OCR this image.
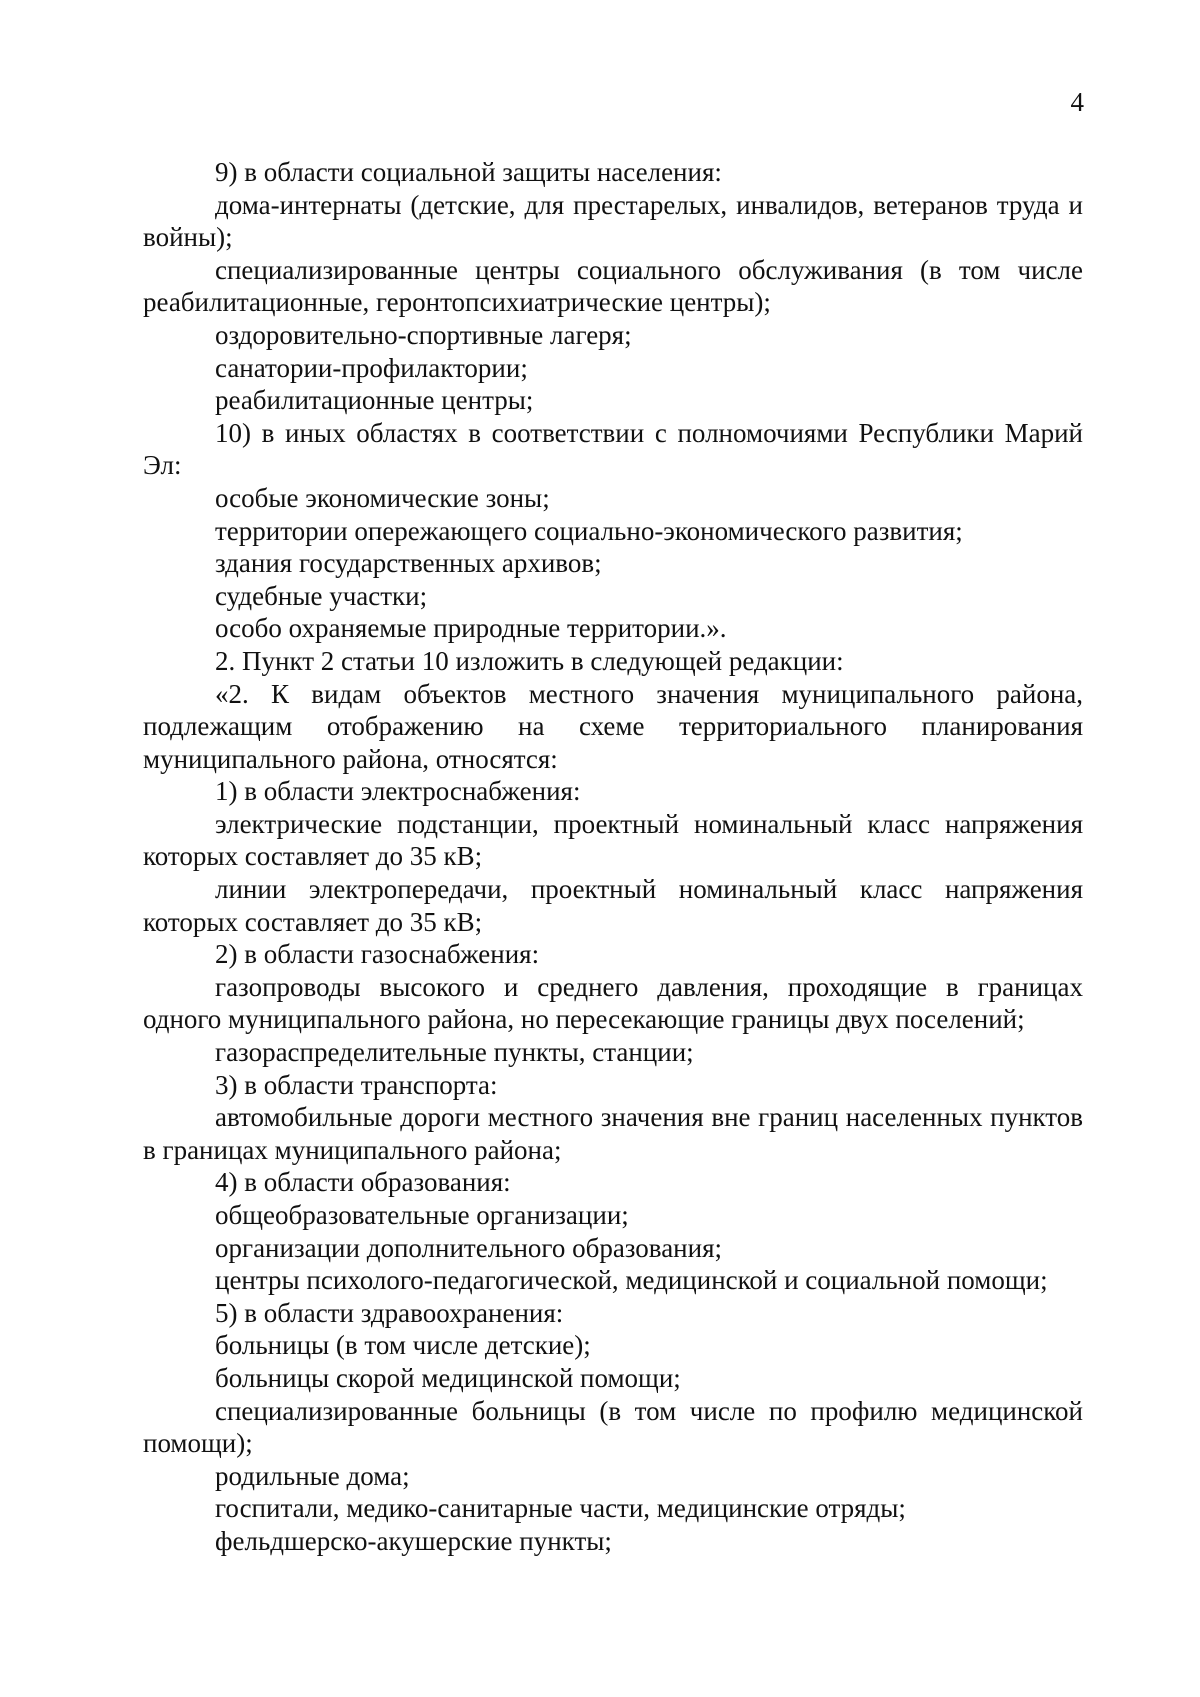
4

9) в области социальной защиты населения:

дома-интернаты (детские, для престарелых, инвалидов, ветеранов труда и войны);

специализированные центры социального обслуживания (в том числе реабилитационные, геронтопсихиатрические центры);

оздоровительно-спортивные лагеря;

санатории-профилактории;

реабилитационные центры;

10) в иных областях в соответствии с полномочиями Республики Марий Эл:

особые экономические зоны;

территории опережающего социально-экономического развития;

здания государственных архивов;

судебные участки;

особо охраняемые природные территории.».

2. Пункт 2 статьи 10 изложить в следующей редакции:

«2. К видам объектов местного значения муниципального района, подлежащим отображению на схеме территориального планирования муниципального района, относятся:

1) в области электроснабжения:

электрические подстанции, проектный номинальный класс напряжения которых составляет до 35 кВ;

линии электропередачи, проектный номинальный класс напряжения которых составляет до 35 кВ;

2) в области газоснабжения:

газопроводы высокого и среднего давления, проходящие в границах одного муниципального района, но пересекающие границы двух поселений;

газораспределительные пункты, станции;

3) в области транспорта:

автомобильные дороги местного значения вне границ населенных пунктов в границах муниципального района;

4) в области образования:

общеобразовательные организации;

организации дополнительного образования;

центры психолого-педагогической, медицинской и социальной помощи;

5) в области здравоохранения:

больницы (в том числе детские);

больницы скорой медицинской помощи;

специализированные больницы (в том числе по профилю медицинской помощи);

родильные дома;

госпитали, медико-санитарные части, медицинские отряды;

фельдшерско-акушерские пункты;
